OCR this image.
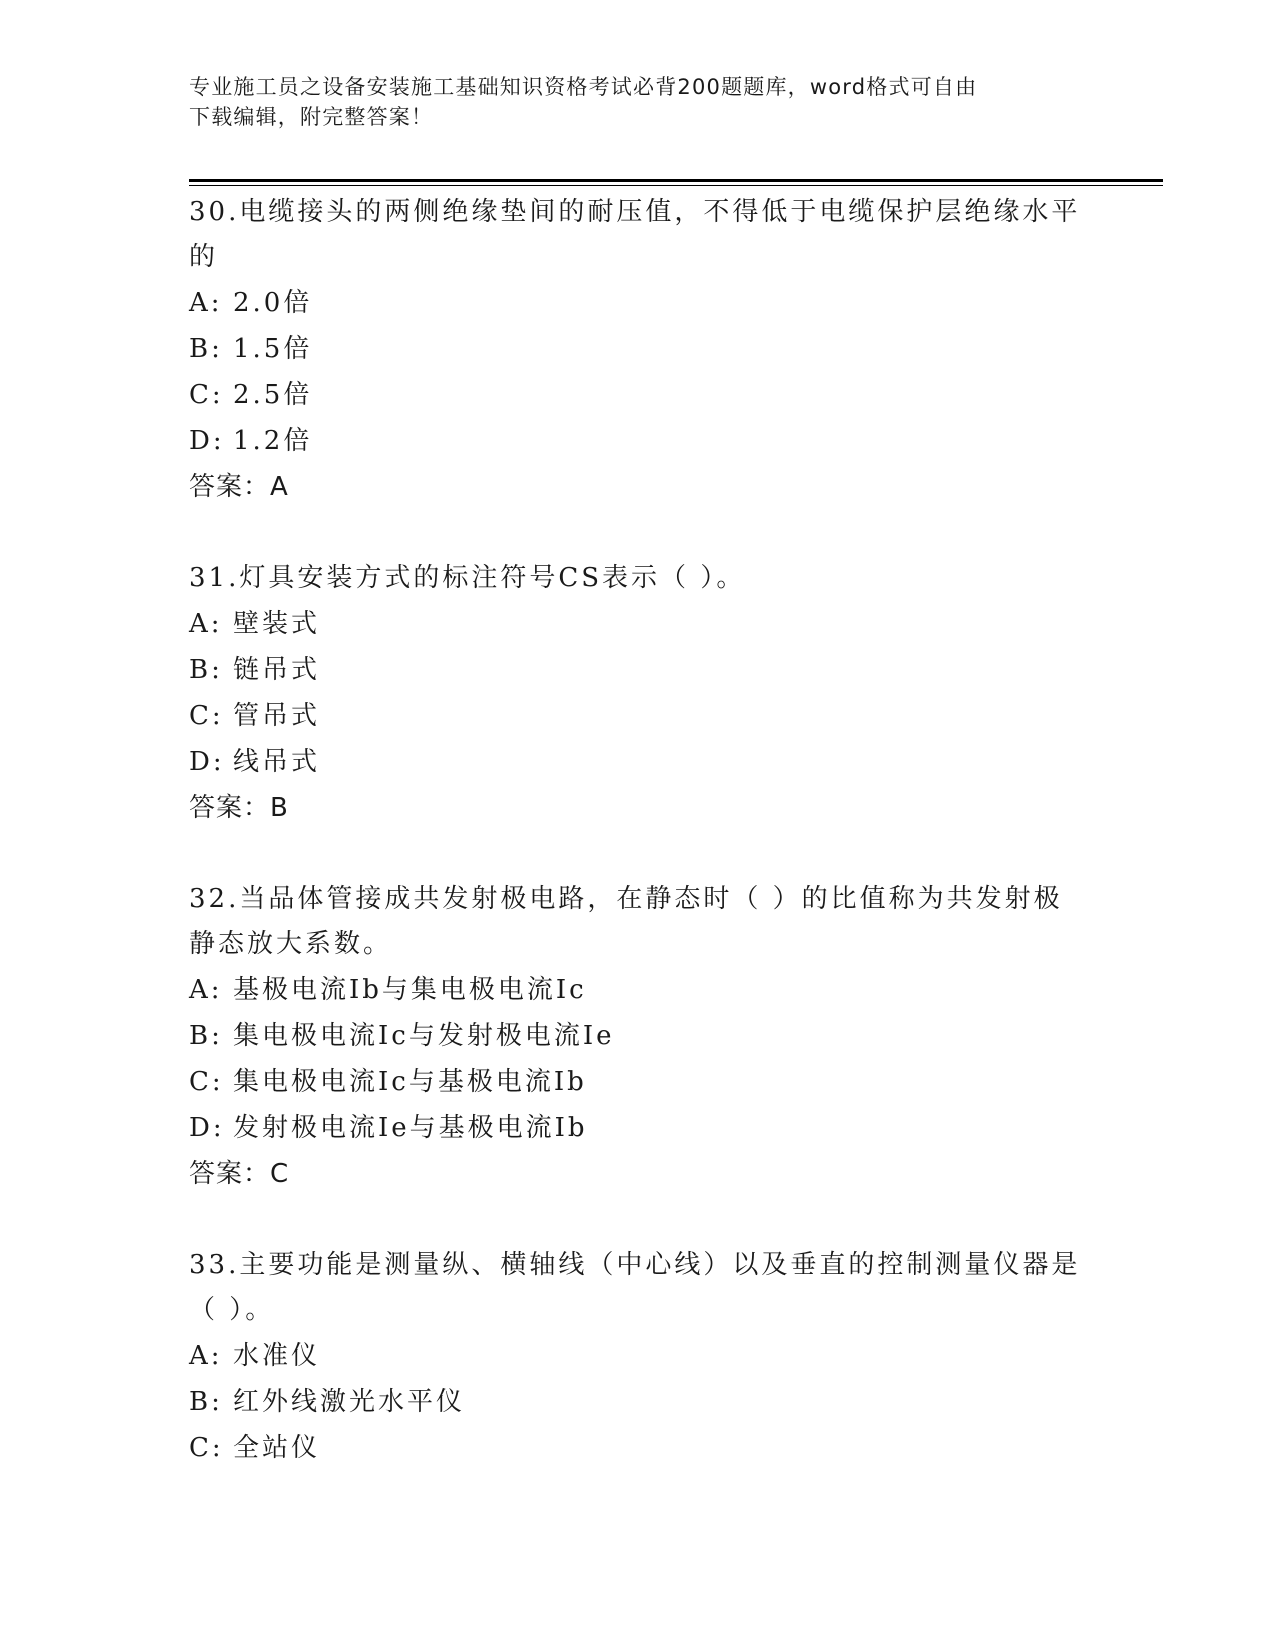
专业施工员之设备安装施工基础知识资格考试必背200题题库，word格式可自由
下载编辑，附完整答案！

30.电缆接头的两侧绝缘垫间的耐压值，不得低于电缆保护层绝缘水平
的

A: 2.0倍

B: 1.5倍

C: 2.5倍

D: 1.2倍

答案：A

31.灯具安装方式的标注符号CS表示（ ）。

A: 壁装式

B: 链吊式

C: 管吊式

D: 线吊式

答案：B

32.当品体管接成共发射极电路，在静态时（ ）的比值称为共发射极
静态放大系数。

A: 基极电流Ib与集电极电流Ic

B: 集电极电流Ic与发射极电流Ie

C: 集电极电流Ic与基极电流Ib

D: 发射极电流Ie与基极电流Ib

答案：C

33.主要功能是测量纵、横轴线（中心线）以及垂直的控制测量仪器是
（ ）。

A: 水准仪

B: 红外线激光水平仪

C: 全站仪
